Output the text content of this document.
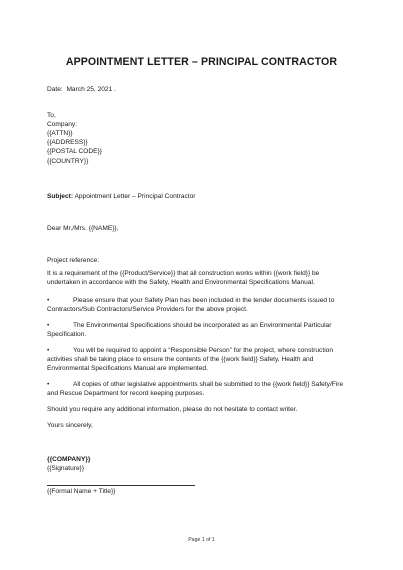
APPOINTMENT LETTER – PRINCIPAL CONTRACTOR
Date: March 25, 2021 .
To,
Company:
{{ATTN}}
{{ADDRESS}}
{{POSTAL CODE}}
{{COUNTRY}}
Subject: Appointment Letter – Principal Contractor
Dear Mr./Mrs. {{NAME}},
Project reference:
It is a requirement of the {{Product/Service}} that all construction works within {{work field}} be undertaken in accordance with the Safety, Health and Environmental Specifications Manual.
•	Please ensure that your Safety Plan has been included in the tender documents issued to Contractors/Sub Contractors/Service Providers for the above project.
•	The Environmental Specifications should be incorporated as an Environmental Particular Specification.
•	You will be required to appoint a “Responsible Person” for the project, where construction activities shall be taking place to ensure the contents of the {{work field}} Safety, Health and Environmental Specifications Manual are implemented.
•	All copies of other legislative appointments shall be submitted to the {{work field}} Safety/Fire and Rescue Department for record keeping purposes.
Should you require any additional information, please do not hesitate to contact writer.
Yours sincerely,
{{COMPANY}}
{{Signature}}
{{Formal Name + Title}}
Page 1 of 1
